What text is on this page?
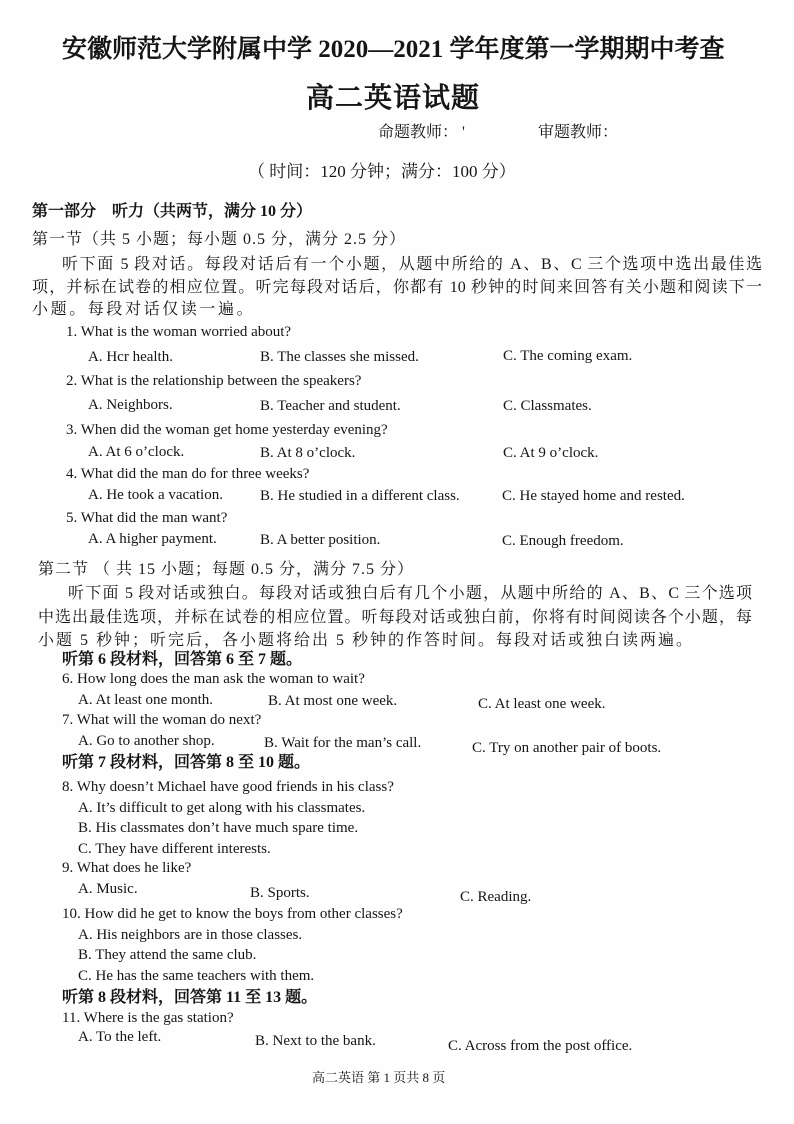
安徽师范大学附属中学 2020—2021 学年度第一学期期中考查
高二英语试题
命题教师： '	审题教师：
（ 时间：120 分钟；满分：100 分）
第一部分　听力（共两节，满分 10 分）
第一节（共 5 小题；每小题 0.5 分，满分 2.5 分）
听下面 5 段对话。每段对话后有一个小题，从题中所给的 A、B、C 三个选项中选出最佳选
项，并标在试卷的相应位置。听完每段对话后，你都有 10 秒钟的时间来回答有关小题和阅读下一
小题。每段对话仅读一遍。
1. What is the woman worried about?
A. Hcr health.	B. The classes she missed.	C. The coming exam.
2. What is the relationship between the speakers?
A. Neighbors.	B. Teacher and student.	C. Classmates.
3. When did the woman get home yesterday evening?
A. At 6 o’clock.	B. At 8 o’clock.	C. At 9 o’clock.
4. What did the man do for three weeks?
A. He took a vacation. B. He studied in a different class.	C. He stayed home and rested.
5. What did the man want?
A. A higher payment.	B. A better position.	C. Enough freedom.
第二节 （ 共 15 小题；每题 0.5 分，满分 7.5 分）
听下面 5 段对话或独白。每段对话或独白后有几个小题，从题中所给的 A、B、C 三个选项
中选出最佳选项，并标在试卷的相应位置。听每段对话或独白前，你将有时间阅读各个小题，每
小题 5 秒钟；听完后，各小题将给出 5 秒钟的作答时间。每段对话或独白读两遍。
听第 6 段材料，回答第 6 至 7 题。
6. How long does the man ask the woman to wait?
A. At least one month.	B. At most one week.	C. At least one week.
7. What will the woman do next?
A. Go to another shop.	B. Wait for the man’s call.	C. Try on another pair of boots.
听第 7 段材料，回答第 8 至 10 题。
8. Why doesn’t Michael have good friends in his class?
A. It’s difficult to get along with his classmates.
B. His classmates don’t have much spare time.
C. They have different interests.
9. What does he like?
A. Music.	B. Sports.	C. Reading.
10. How did he get to know the boys from other classes?
A. His neighbors are in those classes.
B. They attend the same club.
C. He has the same teachers with them.
听第 8 段材料，回答第 11 至 13 题。
11. Where is the gas station?
A. To the left.	B. Next to the bank.	C. Across from the post office.
高二英语 第 1 页共 8 页
